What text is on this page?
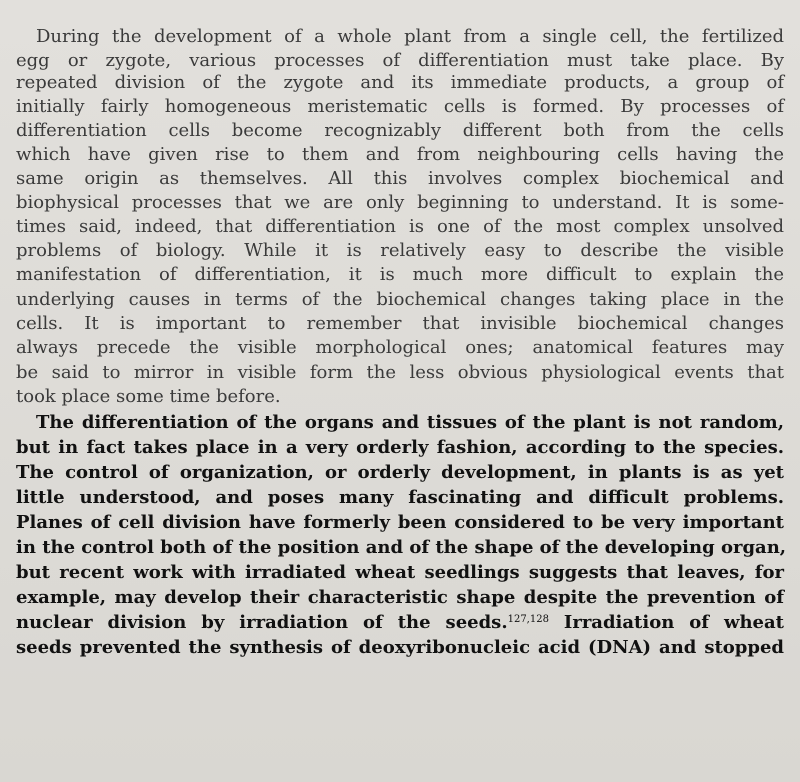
During the development of a whole plant from a single cell, the fertilized

egg or zygote, various processes of differentiation must take place. By

repeated division of the zygote and its immediate products, a group of

initially fairly homogeneous meristematic cells is formed. By processes of

differentiation cells become recognizably different both from the cells

which have given rise to them and from neighbouring cells having the

same origin as themselves. All this involves complex biochemical and

biophysical processes that we are only beginning to understand. It is some-

times said, indeed, that differentiation is one of the most complex unsolved

problems of biology. While it is relatively easy to describe the visible

manifestation of differentiation, it is much more difficult to explain the

underlying causes in terms of the biochemical changes taking place in the

cells. It is important to remember that invisible biochemical changes

always precede the visible morphological ones; anatomical features may

be said to mirror in visible form the less obvious physiological events that

took place some time before.

The differentiation of the organs and tissues of the plant is not random,

but in fact takes place in a very orderly fashion, according to the species.

The control of organization, or orderly development, in plants is as yet

little understood, and poses many fascinating and difficult problems.

Planes of cell division have formerly been considered to be very important

in the control both of the position and of the shape of the developing organ,

but recent work with irradiated wheat seedlings suggests that leaves, for

example, may develop their characteristic shape despite the prevention of

nuclear division by irradiation of the seeds.$^{127,128}$ Irradiation of wheat

seeds prevented the synthesis of deoxyribonucleic acid (DNA) and stopped
